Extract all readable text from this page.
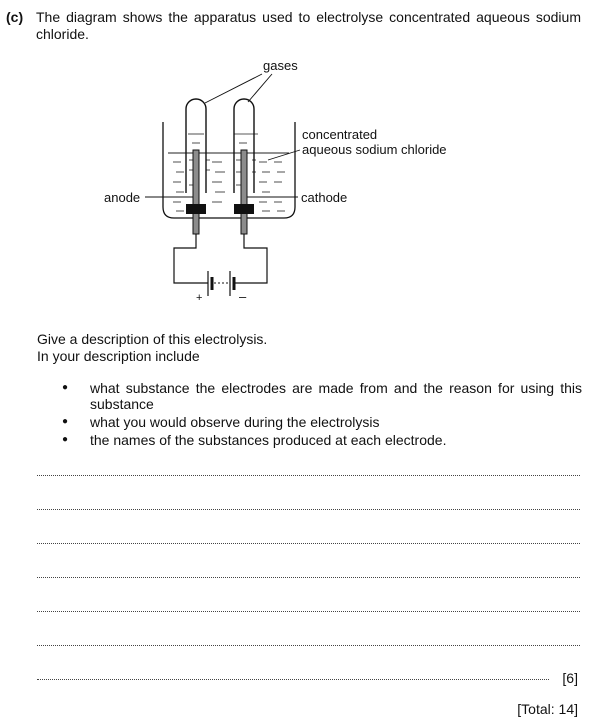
(c) The diagram shows the apparatus used to electrolyse concentrated aqueous sodium chloride.
gases
concentrated
aqueous sodium chloride
anode	cathode
+	–
Give a description of this electrolysis.
In your description include
● what substance the electrodes are made from and the reason for using this substance
● what you would observe during the electrolysis
● the names of the substances produced at each electrode.
[6]
[Total: 14]
